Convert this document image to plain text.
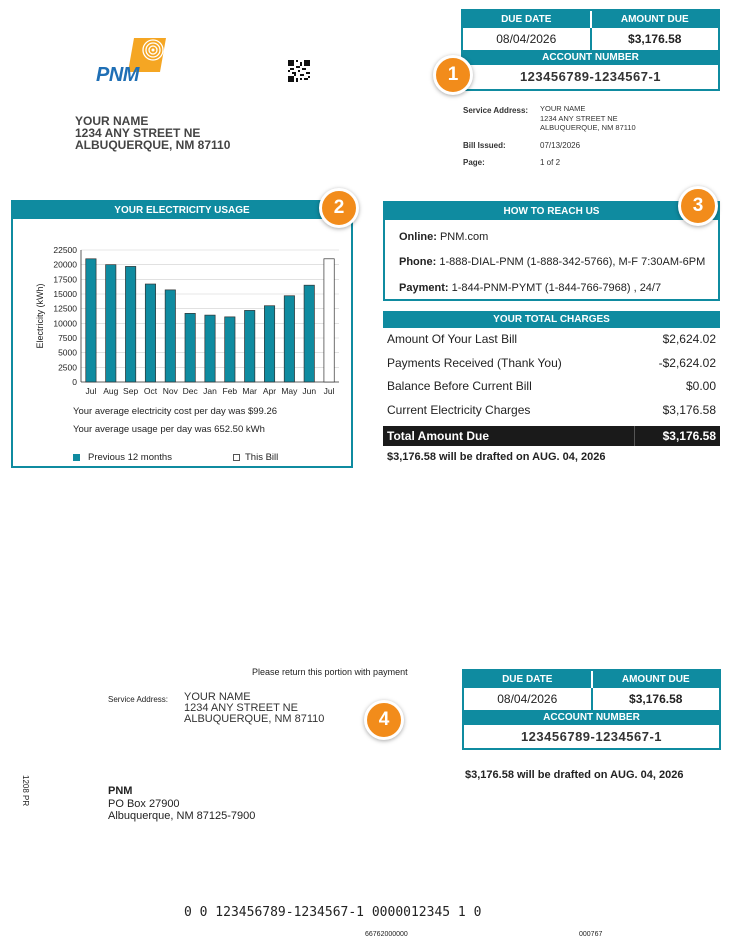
PNM
DUE DATE	AMOUNT DUE
08/04/2026	$3,176.58
ACCOUNT NUMBER
123456789-1234567-1
1
YOUR NAME
1234 ANY STREET NE
ALBUQUERQUE, NM 87110
Service Address: YOUR NAME
1234 ANY STREET NE
ALBUQUERQUE, NM 87110
Bill Issued:	07/13/2026
Page:	1 of 2
YOUR ELECTRICITY USAGE
0
2500
5000
7500
10000
12500
15000
17500
20000
22500
Electricity (kWh)
Jul Aug Sep Oct Nov Dec Jan Feb Mar Apr May Jun Jul
Your average electricity cost per day was $99.26
Your average usage per day was 652.50 kWh
Previous 12 months	This Bill
2	HOW TO REACH US
Online: PNM.com
Phone: 1-888-DIAL-PNM (1-888-342-5766), M-F 7:30AM-6PM
Payment: 1-844-PNM-PYMT (1-844-766-7968) , 24/7
3
YOUR TOTAL CHARGES
Amount Of Your Last Bill	$2,624.02
Payments Received (Thank You)	-$2,624.02
Balance Before Current Bill	$0.00
Current Electricity Charges	$3,176.58
Total Amount Due	$3,176.58
$3,176.58 will be drafted on AUG. 04, 2026
Please return this portion with payment
Service Address: YOUR NAME
1234 ANY STREET NE
ALBUQUERQUE, NM 87110	4
DUE DATE	AMOUNT DUE
08/04/2026	$3,176.58
ACCOUNT NUMBER
123456789-1234567-1
$3,176.58 will be drafted on AUG. 04, 2026
1208 PR	PNM
PO Box 27900
Albuquerque, NM 87125-7900
0 0 123456789-1234567-1 0000012345 1 0
66762000000	000767
